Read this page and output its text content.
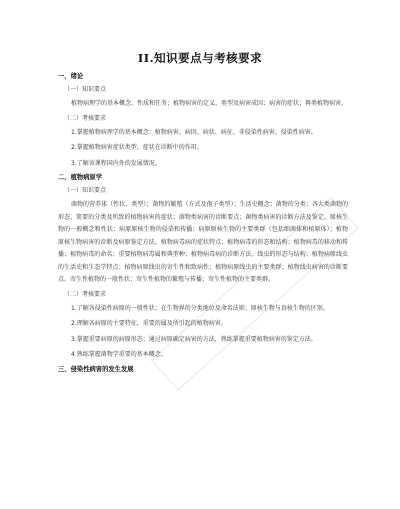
II.知识要点与考核要求
一、绪论
（一）知识要点
植物病理学的基本概念、性质和任务；植物病害的定义、类型及病害成因；病害的症状；再类植物病害。
（二）考核要求
1.掌握植物病理学的基本概念：植物病害、病因、病状、病征、非侵染性病害、侵染性病害。
2.掌握植物病害症状类型、症状在诊断中的作用。
3.了解该课程国内外的发展情况。
二、植物病原学
（一）知识要点
菌物的营养体（性状、类型）；菌物的繁殖（方式及孢子类型）；生活史概念；菌物的分类；各大类菌物的形态、简要的分类及所致的植物病害的症状；菌物类病害的诊断要点；菌物类病害的诊断方法及鉴定。原核生物的一般概念和性状；病原原核生物的侵染和传播；病原原核生物的主要类群（包括细菌体和植原体）；植物原核生物病害的诊断及病原鉴定方法。植物病毒病的症状特点；植物病毒的形态和结构；植物病毒的移动和传播；植物病毒的命名；重要植物病毒属和典型种；植物病毒病的诊断方法。线虫的形态与结构；植物病原线虫的生活史和生态学特点；植物病原线虫的寄生性和致病性；植物病原线虫的主要类群；植物线虫病害的诊断要点。寄生性植物的一般性状；寄生性植物的繁殖与传播；寄生性植物的主要类群。
（二）考核要求
1.了解各侵染性病原的一般性状；在生物界的分类地位及命名法则；原核生物与真核生物的区别。
2.理解各病原的主要特征，重要的属及所引起的植物病害。
3.掌握重要病原的病原形态；通过病原确定病害的方法，熟练掌握重要植物病害的鉴定方法。
4.熟练掌握菌物学重要的基本概念。
三、侵染性病害的发生发展
